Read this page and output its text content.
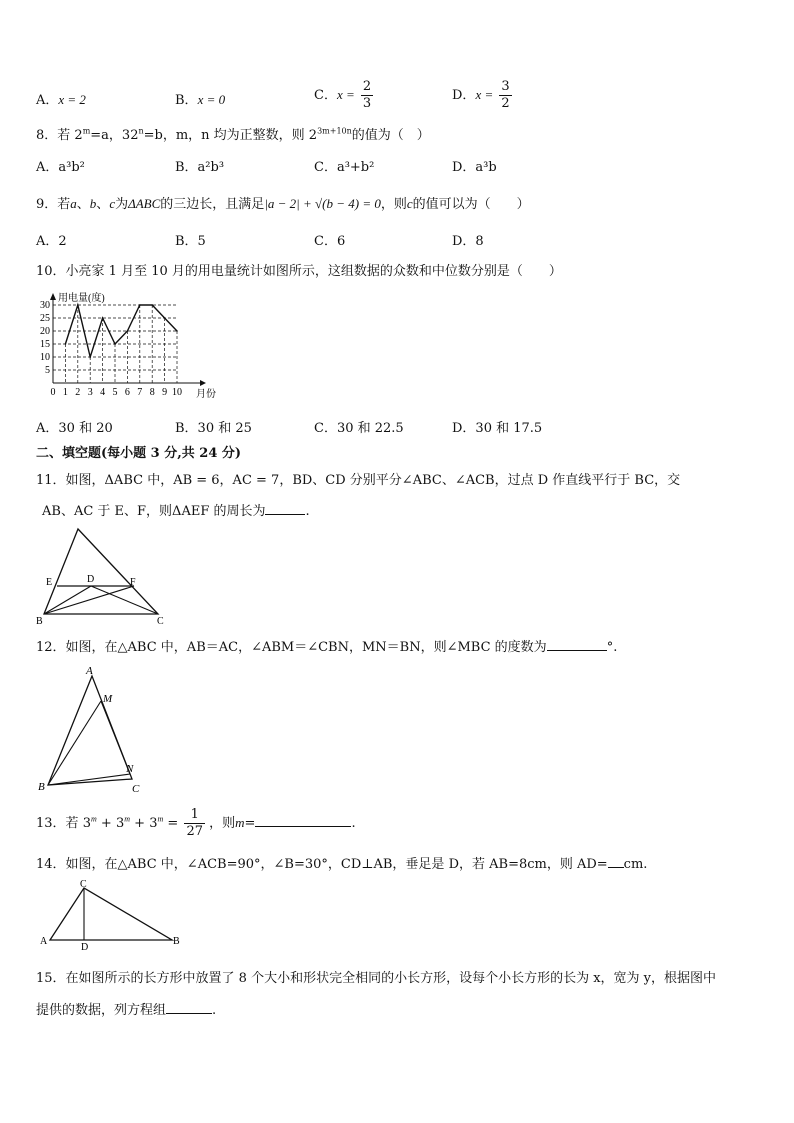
A．x = 2	B．x = 0	C．$x = \frac{2}{3}$	D．$x = \frac{3}{2}$
8．若 $2^m=a$，$32^n=b$，m，n 均为正整数，则 $2^{3m+10n}$的值为（　）
A．a³b²	B．a²b³	C．a³+b²	D．a³b
9．若a、b、c为ΔABC的三边长，且满足|a − 2| + √(b − 4) = 0，则c的值可以为（　　）
A．2	B．5	C．6	D．8
10．小亮家 1 月至 10 月的用电量统计如图所示，这组数据的众数和中位数分别是（　　）
用电量(度)
月份
5
10
15
20
25
30
0 1 2 3 4 5 6 7 8 9 10
A．30 和 20	B．30 和 25	C．30 和 22.5	D．30 和 17.5
二、填空题(每小题 3 分,共 24 分)
11．如图，ΔABC 中，AB = 6，AC = 7，BD、CD 分别平分∠ABC、∠ACB，过点 D 作直线平行于 BC，交
AB、AC 于 E、F，则ΔAEF 的周长为	.
E	D	F
B	C
12．如图，在△ABC 中，AB＝AC，∠ABM＝∠CBN，MN＝BN，则∠MBC 的度数为	°.
A
M
N
B	C
13．若 $3^m + 3^m + 3^m = \frac{1}{27}$ ，则m=	.
14．如图，在△ABC 中，∠ACB=90°，∠B=30°，CD⊥AB，垂足是 D，若 AB=8cm，则 AD= cm.
A
C
D
B
15．在如图所示的长方形中放置了 8 个大小和形状完全相同的小长方形，设每个小长方形的长为 x，宽为 y，根据图中
提供的数据，列方程组	.
